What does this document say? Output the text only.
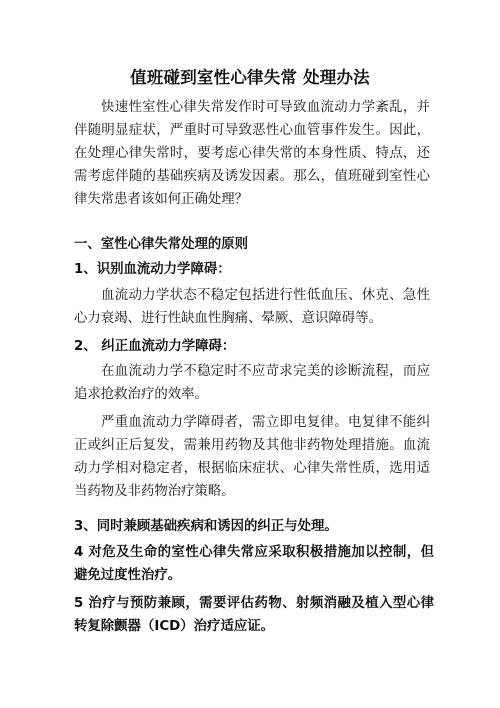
值班碰到室性心律失常 处理办法
快速性室性心律失常发作时可导致血流动力学紊乱，并伴随明显症状，严重时可导致恶性心血管事件发生。因此，在处理心律失常时，要考虑心律失常的本身性质、特点，还需考虑伴随的基础疾病及诱发因素。那么，值班碰到室性心律失常患者该如何正确处理？
一、室性心律失常处理的原则
1、识别血流动力学障碍：
血流动力学状态不稳定包括进行性低血压、休克、急性心力衰竭、进行性缺血性胸痛、晕厥、意识障碍等。
2、 纠正血流动力学障碍：
在血流动力学不稳定时不应苛求完美的诊断流程，而应追求抢救治疗的效率。
严重血流动力学障碍者，需立即电复律。电复律不能纠正或纠正后复发，需兼用药物及其他非药物处理措施。血流动力学相对稳定者，根据临床症状、心律失常性质，选用适当药物及非药物治疗策略。
3、同时兼顾基础疾病和诱因的纠正与处理。
4 对危及生命的室性心律失常应采取积极措施加以控制，但避免过度性治疗。
5 治疗与预防兼顾，需要评估药物、射频消融及植入型心律转复除颤器（ICD）治疗适应证。
